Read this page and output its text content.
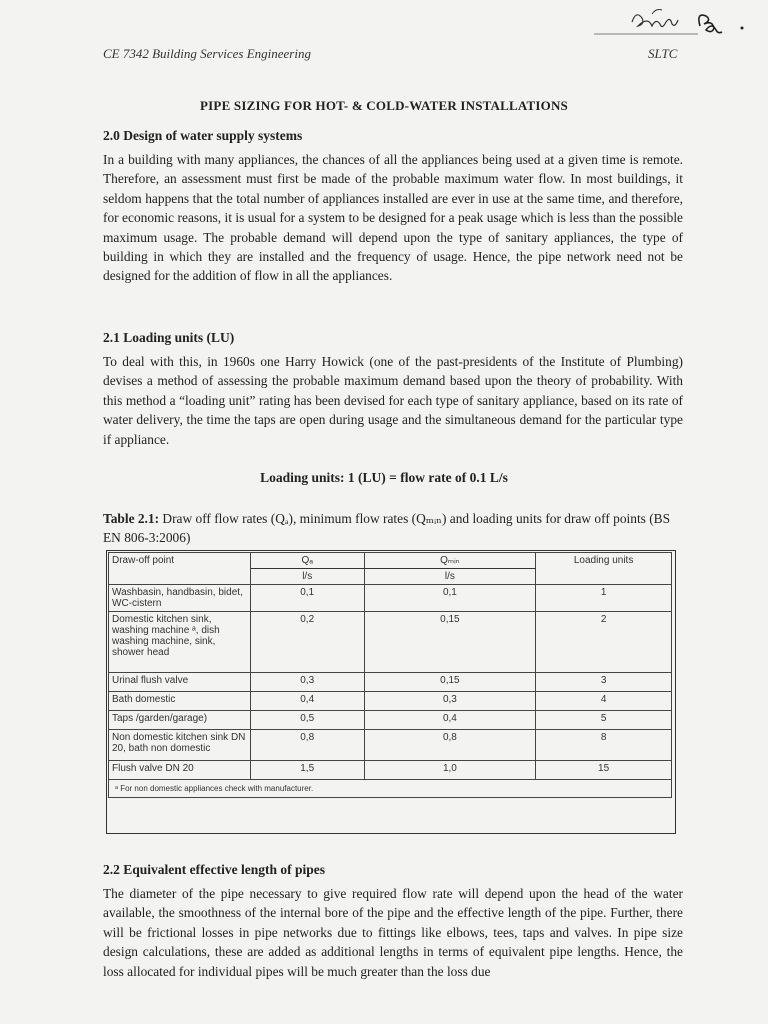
CE 7342 Building Services Engineering	SLTC
PIPE SIZING FOR HOT- & COLD-WATER INSTALLATIONS
2.0 Design of water supply systems

In a building with many appliances, the chances of all the appliances being used at a given time is remote. Therefore, an assessment must first be made of the probable maximum water flow. In most buildings, it seldom happens that the total number of appliances installed are ever in use at the same time, and therefore, for economic reasons, it is usual for a system to be designed for a peak usage which is less than the possible maximum usage. The probable demand will depend upon the type of sanitary appliances, the type of building in which they are installed and the frequency of usage. Hence, the pipe network need not be designed for the addition of flow in all the appliances.

2.1 Loading units (LU)

To deal with this, in 1960s one Harry Howick (one of the past-presidents of the Institute of Plumbing) devises a method of assessing the probable maximum demand based upon the theory of probability. With this method a “loading unit” rating has been devised for each type of sanitary appliance, based on its rate of water delivery, the time the taps are open during usage and the simultaneous demand for the particular type if appliance.

Loading units: 1 (LU) = flow rate of 0.1 L/s
Table 2.1: Draw off flow rates (Qₐ), minimum flow rates (Qₘᵢₙ) and loading units for draw off points (BS EN 806-3:2006)
Draw-off point	Qₐ	Qₘᵢₙ	Loading units
	l/s	l/s	
Washbasin, handbasin, bidet, WC-cistern	0,1	0,1	1
Domestic kitchen sink, washing machine ᵃ, dish washing machine, sink, shower head	0,2	0,15	2
Urinal flush valve	0,3	0,15	3
Bath domestic	0,4	0,3	4
Taps /garden/garage)	0,5	0,4	5
Non domestic kitchen sink DN 20, bath non domestic	0,8	0,8	8
Flush valve DN 20	1,5	1,0	15
ᵃ For non domestic appliances check with manufacturer.			
2.2 Equivalent effective length of pipes

The diameter of the pipe necessary to give required flow rate will depend upon the head of the water available, the smoothness of the internal bore of the pipe and the effective length of the pipe. Further, there will be frictional losses in pipe networks due to fittings like elbows, tees, taps and valves. In pipe size design calculations, these are added as additional lengths in terms of equivalent pipe lengths. Hence, the loss allocated for individual pipes will be much greater than the loss due
